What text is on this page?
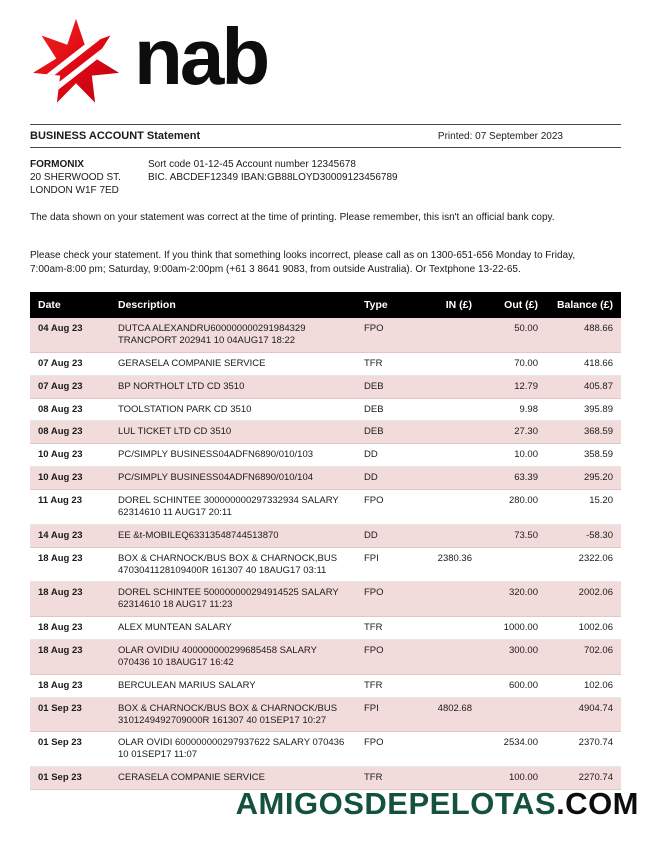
nab
BUSINESS ACCOUNT Statement	Printed: 07 September 2023
FORMONIX
20 SHERWOOD ST.
LONDON W1F 7ED
Sort code 01-12-45 Account number 12345678
BIC. ABCDEF12349 IBAN:GB88LOYD30009123456789

The data shown on your statement was correct at the time of printing. Please remember, this isn't an official bank copy.

Please check your statement. If you think that something looks incorrect, please call as on 1300-651-656 Monday to Friday, 7:00am-8:00 pm; Saturday, 9:00am-2:00pm (+61 3 8641 9083, from outside Australia). Or Textphone 13-22-65.

Date	Description	Type	IN (£)	Out (£)	Balance (£)
04 Aug 23	DUTCA ALEXANDRU600000000291984329 TRANCPORT 202941 10 04AUG17 18:22	FPO		50.00	488.66
07 Aug 23	GERASELA COMPANIE SERVICE	TFR		70.00	418.66
07 Aug 23	BP NORTHOLT LTD CD 3510	DEB		12.79	405.87
08 Aug 23	TOOLSTATION PARK CD 3510	DEB		9.98	395.89
08 Aug 23	LUL TICKET LTD CD 3510	DEB		27.30	368.59
10 Aug 23	PC/SIMPLY BUSINESS04ADFN6890/010/103	DD		10.00	358.59
10 Aug 23	PC/SIMPLY BUSINESS04ADFN6890/010/104	DD		63.39	295.20
11 Aug 23	DOREL SCHINTEE 300000000297332934 SALARY 62314610 11 AUG17 20:11	FPO		280.00	15.20
14 Aug 23	EE &t-MOBILEQ63313548744513870	DD		73.50	-58.30
18 Aug 23	BOX & CHARNOCK/BUS BOX & CHARNOCK,BUS 4703041128109400R 161307 40 18AUG17 03:11	FPI	2380.36		2322.06
18 Aug 23	DOREL SCHINTEE 500000000294914525 SALARY 62314610 18 AUG17 11:23	FPO		320.00	2002.06
18 Aug 23	ALEX MUNTEAN SALARY	TFR		1000.00	1002.06
18 Aug 23	OLAR OVIDIU 400000000299685458 SALARY 070436 10 18AUG17 16:42	FPO		300.00	702.06
18 Aug 23	BERCULEAN MARIUS SALARY	TFR		600.00	102.06
01 Sep 23	BOX & CHARNOCK/BUS BOX & CHARNOCK/BUS 3101249492709000R 161307 40 01SEP17 10:27	FPI	4802.68		4904.74
01 Sep 23	OLAR OVIDI 600000000297937622 SALARY 070436 10 01SEP17 11:07	FPO		2534.00	2370.74
01 Sep 23	CERASELA COMPANIE SERVICE	TFR		100.00	2270.74
AMIGOSDEPELOTAS.COM
